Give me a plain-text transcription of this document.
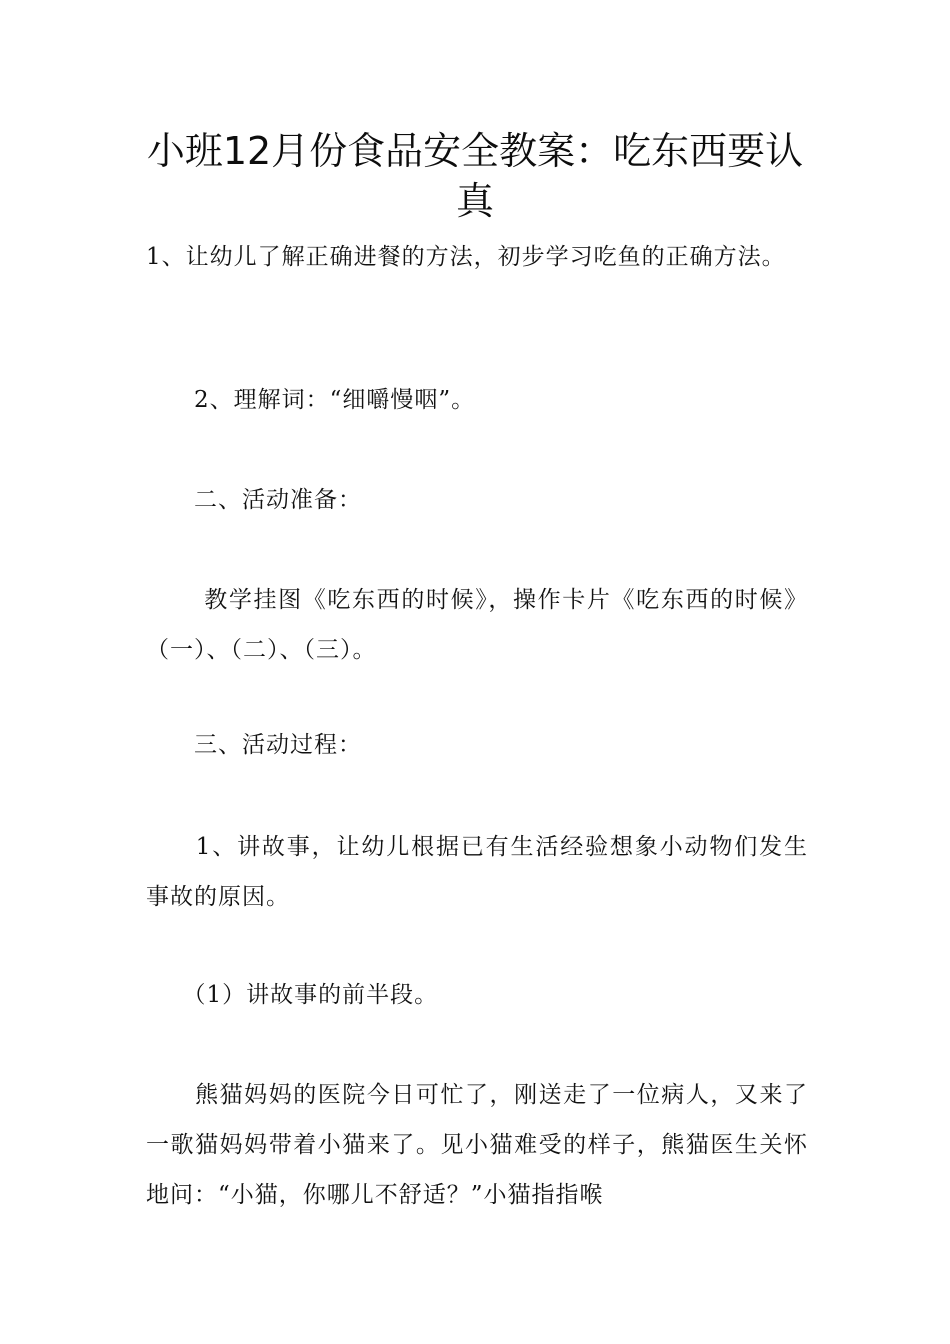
小班12月份食品安全教案：吃东西要认真

1、让幼儿了解正确进餐的方法，初步学习吃鱼的正确方法。

　　2、理解词：“细嚼慢咽”。

　　二、活动准备：

　　 教学挂图《吃东西的时候》，操作卡片《吃东西的时候》（一）、（二）、（三）。

　　三、活动过程：

　　1、讲故事，让幼儿根据已有生活经验想象小动物们发生事故的原因。

　　（1）讲故事的前半段。

　　熊猫妈妈的医院今日可忙了，刚送走了一位病人，又来了一歌猫妈妈带着小猫来了。见小猫难受的样子，熊猫医生关怀地问：“小猫，你哪儿不舒适？”小猫指指喉
